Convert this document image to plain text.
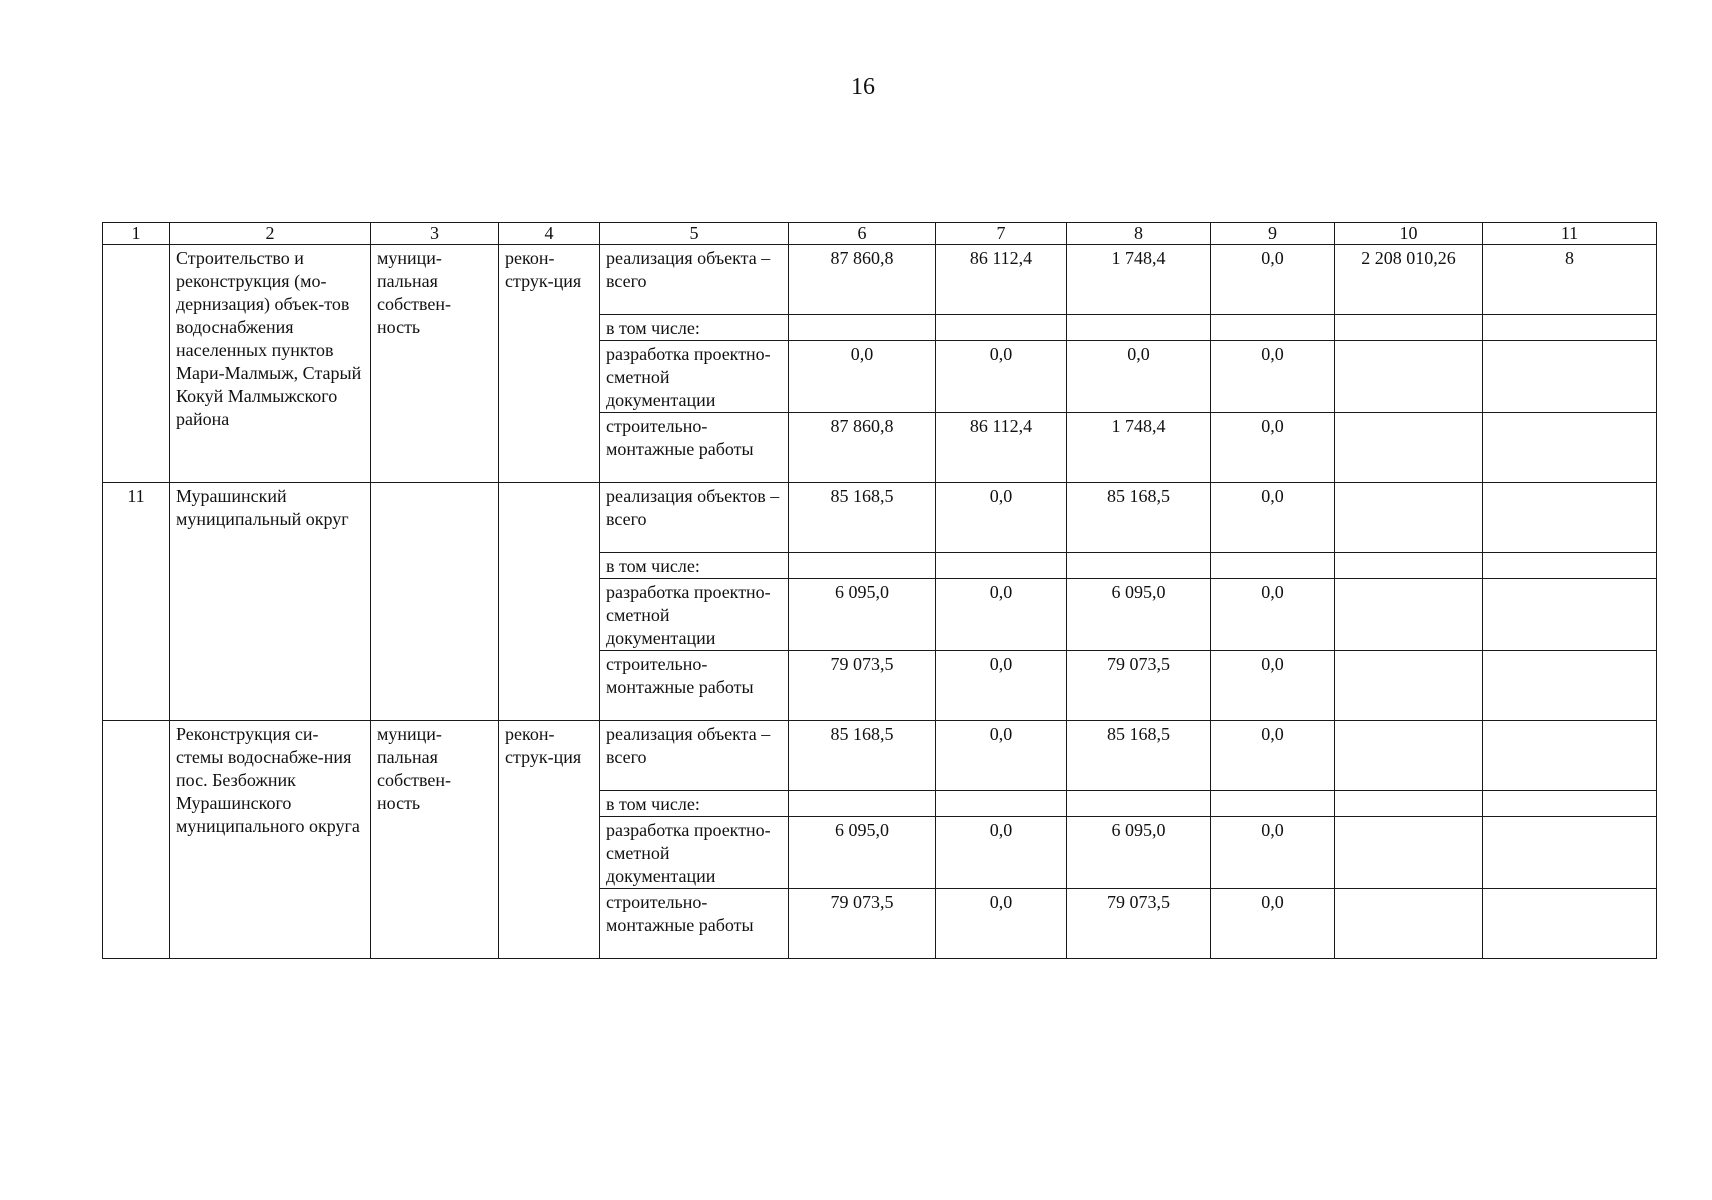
16
1	2	3	4	5	6	7	8	9	10	11
	Строительство и реконструкция (мо-дернизация) объек-тов водоснабжения населенных пунктов Мари-Малмыж, Старый Кокуй Малмыжского района	муници-пальная собствен-ность	рекон-струк-ция	реализация объекта – всего	87 860,8	86 112,4	1 748,4	0,0	2 208 010,26	8
				в том числе:						
				разработка проектно-сметной документации	0,0	0,0	0,0	0,0		
				строительно-монтажные работы	87 860,8	86 112,4	1 748,4	0,0		
11	Мурашинский муниципальный округ			реализация объектов – всего	85 168,5	0,0	85 168,5	0,0		
				в том числе:						
				разработка проектно-сметной документации	6 095,0	0,0	6 095,0	0,0		
				строительно-монтажные работы	79 073,5	0,0	79 073,5	0,0		
	Реконструкция си-стемы водоснабже-ния пос. Безбожник Мурашинского муниципального округа	муници-пальная собствен-ность	рекон-струк-ция	реализация объекта – всего	85 168,5	0,0	85 168,5	0,0		
				в том числе:						
				разработка проектно-сметной документации	6 095,0	0,0	6 095,0	0,0		
				строительно-монтажные работы	79 073,5	0,0	79 073,5	0,0		
